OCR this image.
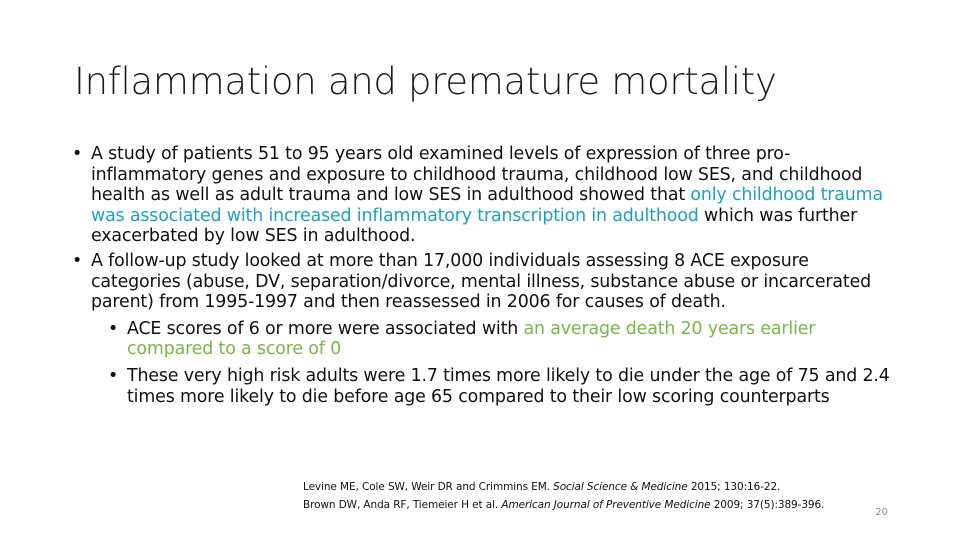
Inflammation and premature mortality
• A study of patients 51 to 95 years old examined levels of expression of three pro-inflammatory genes and exposure to childhood trauma, childhood low SES, and childhood health as well as adult trauma and low SES in adulthood showed that only childhood trauma was associated with increased inflammatory transcription in adulthood which was further exacerbated by low SES in adulthood.
• A follow-up study looked at more than 17,000 individuals assessing 8 ACE exposure categories (abuse, DV, separation/divorce, mental illness, substance abuse or incarcerated parent) from 1995-1997 and then reassessed in 2006 for causes of death.
• ACE scores of 6 or more were associated with an average death 20 years earlier compared to a score of 0
• These very high risk adults were 1.7 times more likely to die under the age of 75 and 2.4 times more likely to die before age 65 compared to their low scoring counterparts
Levine ME, Cole SW, Weir DR and Crimmins EM. Social Science & Medicine 2015; 130:16-22.
Brown DW, Anda RF, Tiemeier H et al. American Journal of Preventive Medicine 2009; 37(5):389-396.
20
